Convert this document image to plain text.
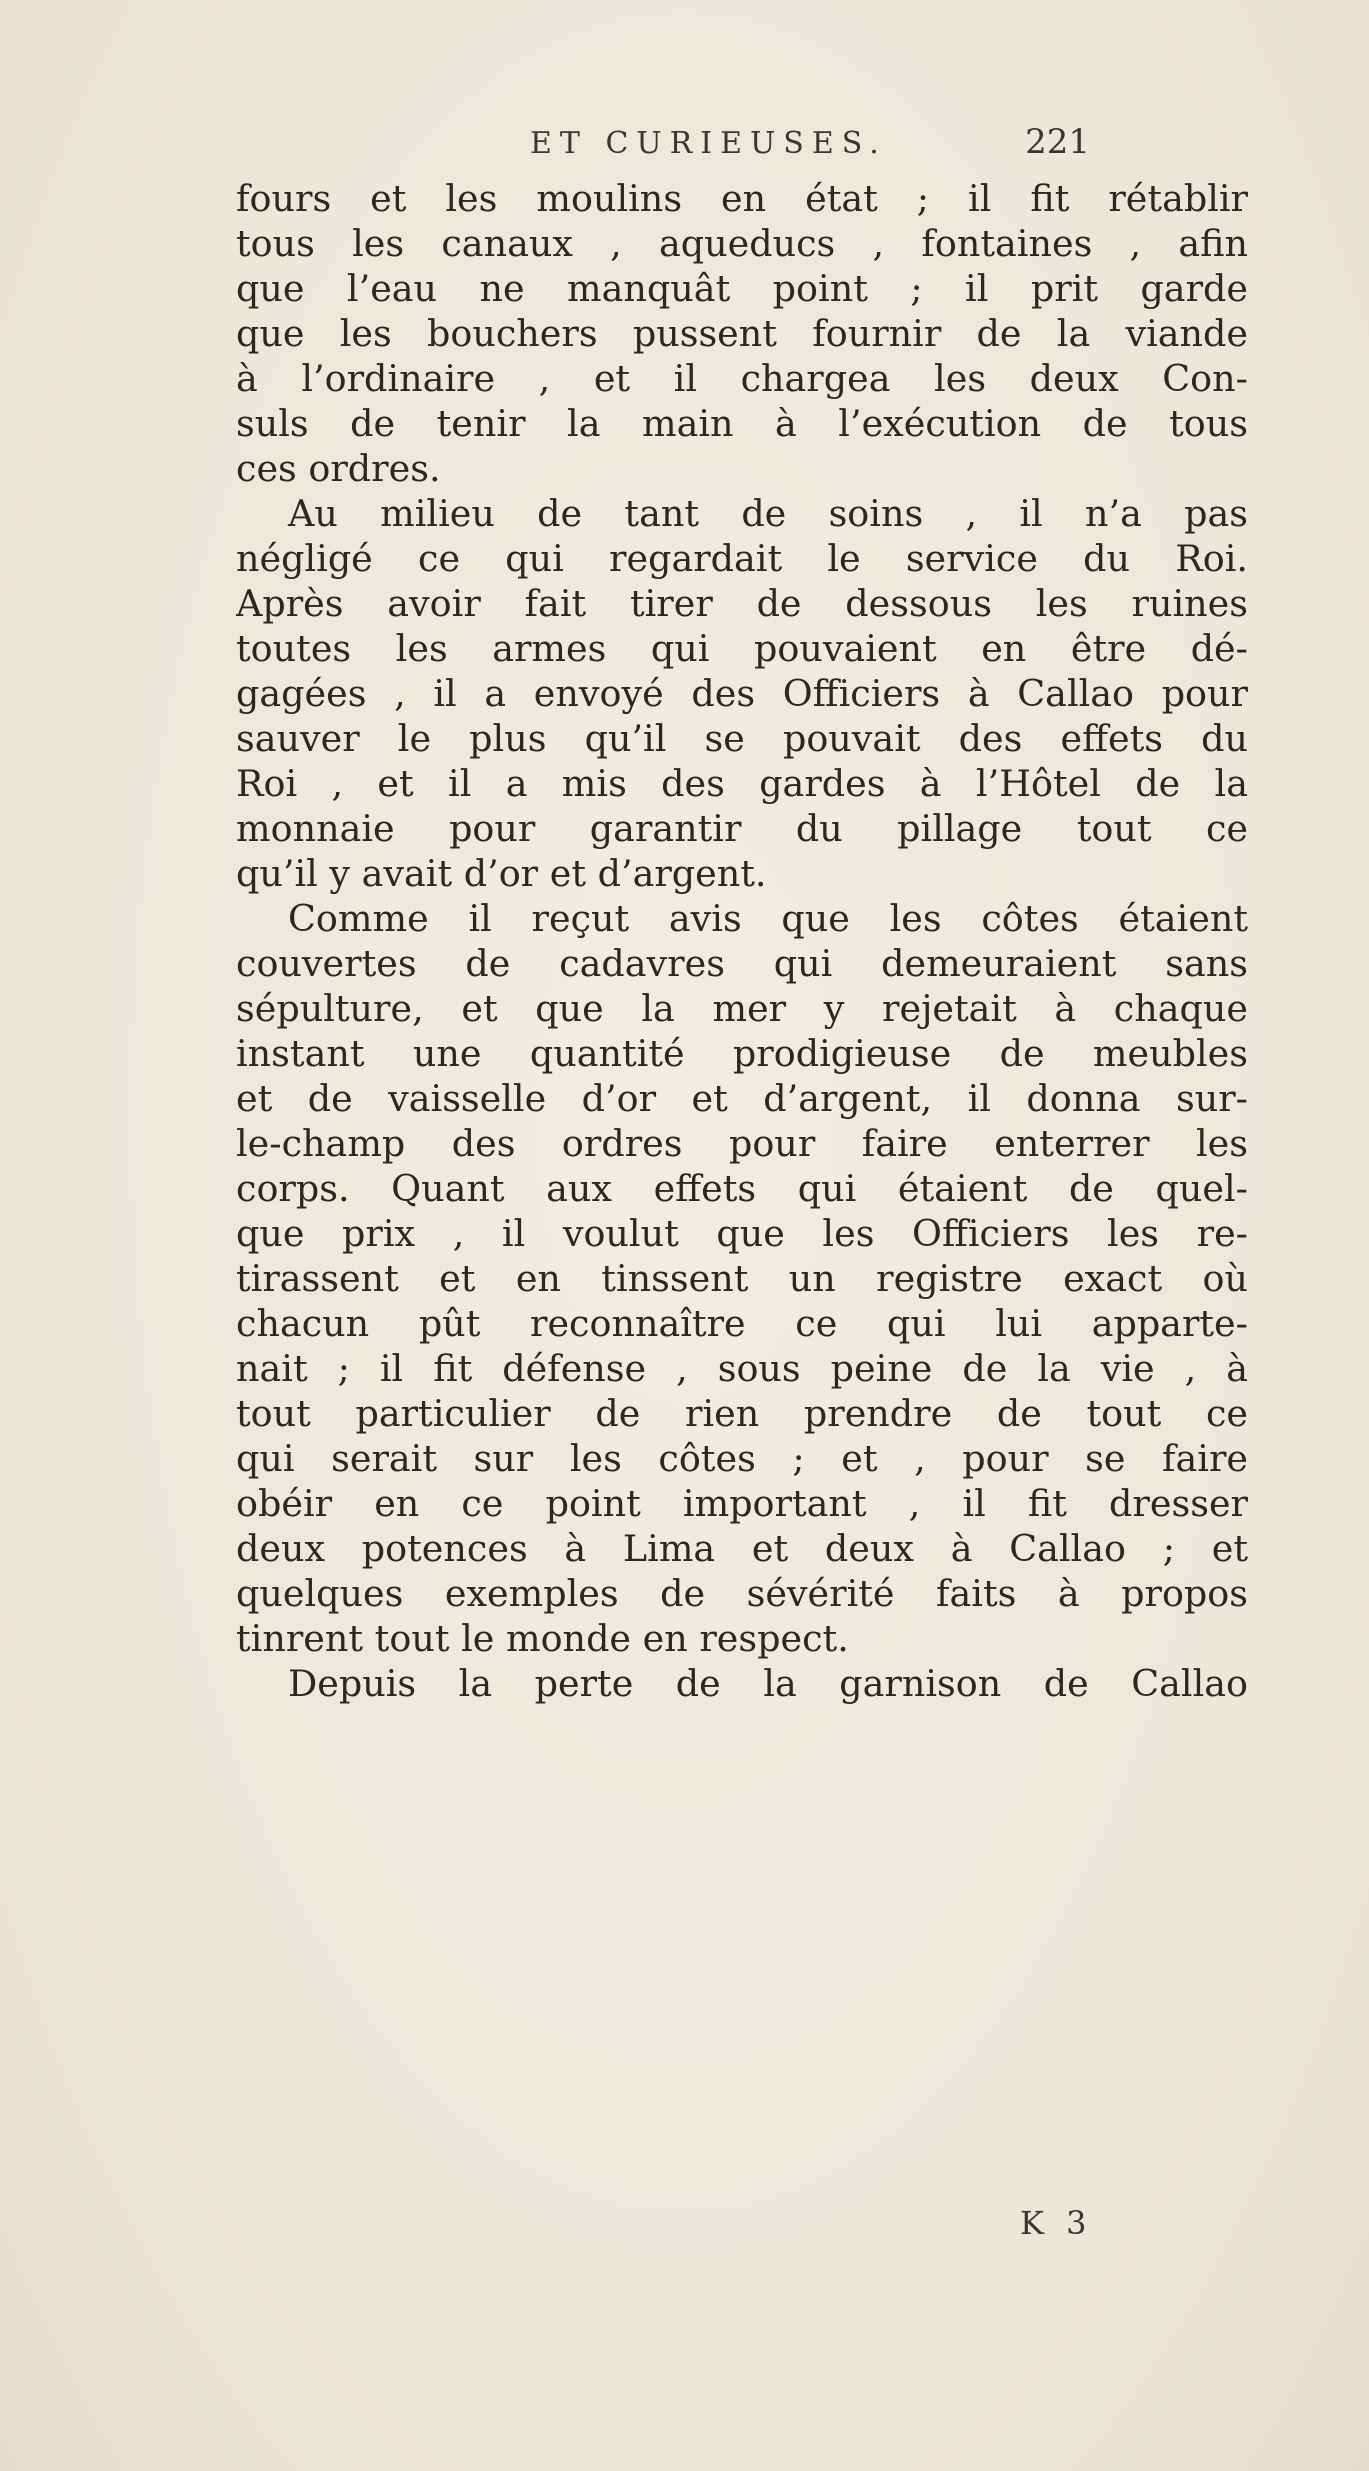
ET CURIEUSES.	221
fours et les moulins en état ; il fit rétablir
tous les canaux , aqueducs , fontaines , afin
que l’eau ne manquât point ; il prit garde
que les bouchers pussent fournir de la viande
à l’ordinaire , et il chargea les deux Con-
suls de tenir la main à l’exécution de tous
ces ordres.
Au milieu de tant de soins , il n’a pas
négligé ce qui regardait le service du Roi.
Après avoir fait tirer de dessous les ruines
toutes les armes qui pouvaient en être dé-
gagées , il a envoyé des Officiers à Callao pour
sauver le plus qu’il se pouvait des effets du
Roi , et il a mis des gardes à l’Hôtel de la
monnaie pour garantir du pillage tout ce
qu’il y avait d’or et d’argent.
Comme il reçut avis que les côtes étaient
couvertes de cadavres qui demeuraient sans
sépulture, et que la mer y rejetait à chaque
instant une quantité prodigieuse de meubles
et de vaisselle d’or et d’argent, il donna sur-
le-champ des ordres pour faire enterrer les
corps. Quant aux effets qui étaient de quel-
que prix , il voulut que les Officiers les re-
tirassent et en tinssent un registre exact où
chacun pût reconnaître ce qui lui apparte-
nait ; il fit défense , sous peine de la vie , à
tout particulier de rien prendre de tout ce
qui serait sur les côtes ; et , pour se faire
obéir en ce point important , il fit dresser
deux potences à Lima et deux à Callao ; et
quelques exemples de sévérité faits à propos
tinrent tout le monde en respect.
Depuis la perte de la garnison de Callao
K 3
